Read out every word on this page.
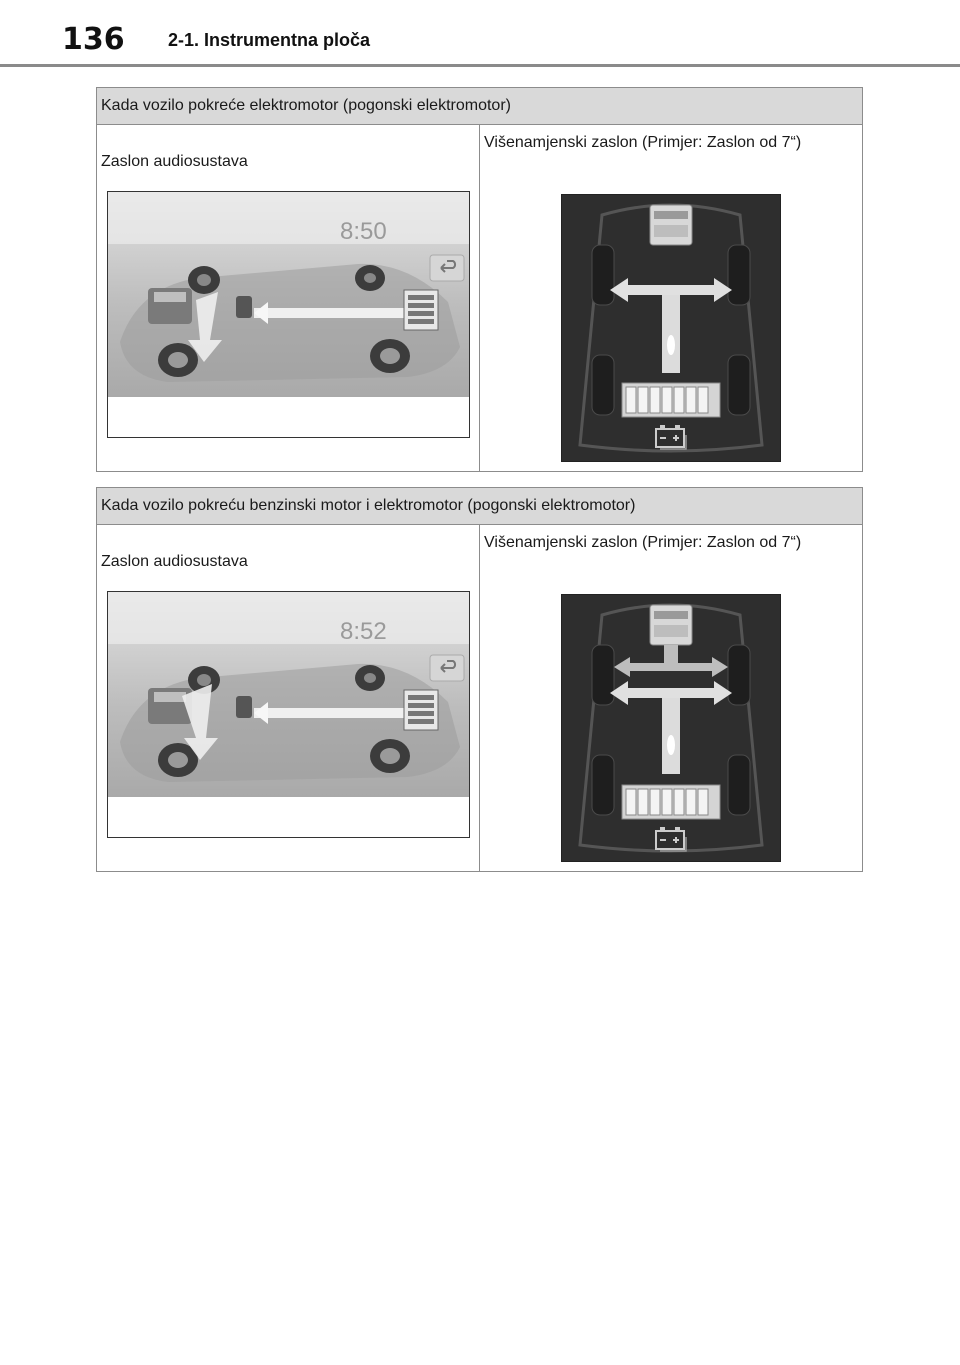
136 2-1. Instrumentna ploča
Kada vozilo pokreće elektromotor (pogonski elektromotor)

Zaslon audiosustava
8:50

Višenamjenski zaslon (Primjer: Zaslon od 7“)
Kada vozilo pokreću benzinski motor i elektromotor (pogonski elektromotor)

Zaslon audiosustava
8:52

Višenamjenski zaslon (Primjer: Zaslon od 7“)
